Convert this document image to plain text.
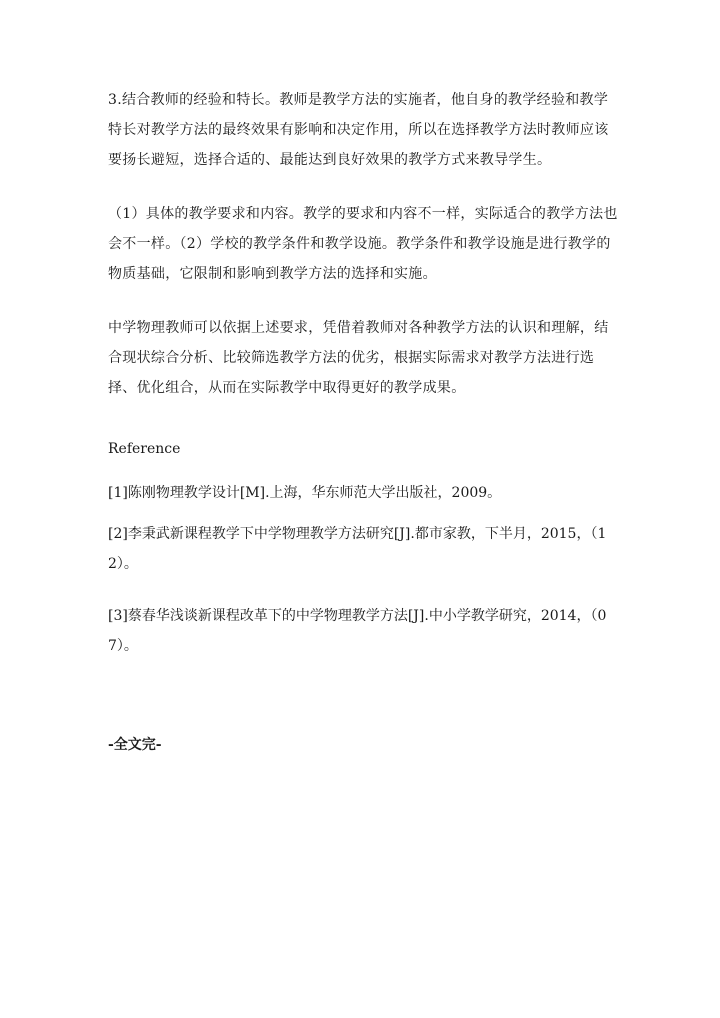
3.结合教师的经验和特长。教师是教学方法的实施者，他自身的教学经验和教学特长对教学方法的最终效果有影响和决定作用，所以在选择教学方法时教师应该要扬长避短，选择合适的、最能达到良好效果的教学方式来教导学生。

（1）具体的教学要求和内容。教学的要求和内容不一样，实际适合的教学方法也会不一样。（2）学校的教学条件和教学设施。教学条件和教学设施是进行教学的物质基础，它限制和影响到教学方法的选择和实施。

中学物理教师可以依据上述要求，凭借着教师对各种教学方法的认识和理解，结合现状综合分析、比较筛选教学方法的优劣，根据实际需求对教学方法进行选择、优化组合，从而在实际教学中取得更好的教学成果。

Reference

[1]陈刚物理教学设计[M].上海，华东师范大学出版社，2009。

[2]李秉武新课程教学下中学物理教学方法研究[J].都市家教，下半月，2015，（12）。

[3]蔡春华浅谈新课程改革下的中学物理教学方法[J].中小学教学研究，2014，（07）。

-全文完-
